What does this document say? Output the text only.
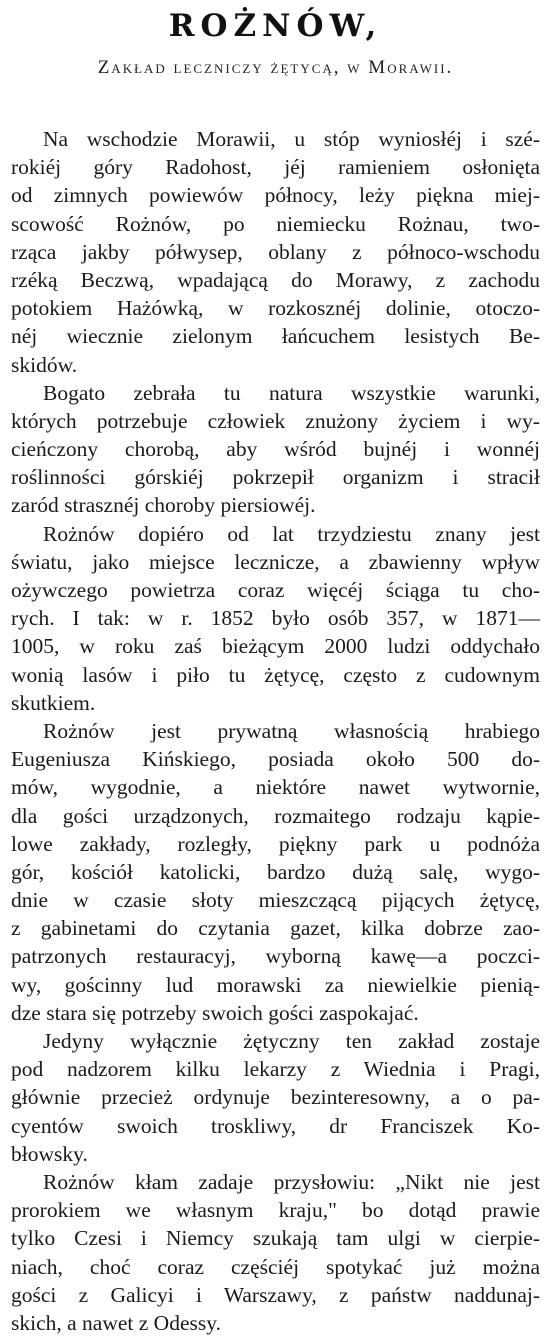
ROŻNÓW,
Zakład leczniczy żętycą, w Morawii.
Na wschodzie Morawii, u stóp wyniosłéj i szé-
rokiéj góry Radohost, jéj ramieniem osłonięta
od zimnych powiewów północy, leży piękna miej-
scowość Rożnów, po niemiecku Rożnau, two-
rząca jakby półwysep, oblany z północo-wschodu
rzéką Beczwą, wpadającą do Morawy, z zachodu
potokiem Hażówką, w rozkosznéj dolinie, otoczo-
néj wiecznie zielonym łańcuchem lesistych Be-
skidów.
Bogato zebrała tu natura wszystkie warunki,
których potrzebuje człowiek znużony życiem i wy-
cieńczony chorobą, aby wśród bujnéj i wonnéj
roślinności górskiéj pokrzepił organizm i stracił
zaród strasznéj choroby piersiowéj.
Rożnów dopiéro od lat trzydziestu znany jest
światu, jako miejsce lecznicze, a zbawienny wpływ
ożywczego powietrza coraz więcéj ściąga tu cho-
rych. I tak: w r. 1852 było osób 357, w 1871—
1005, w roku zaś bieżącym 2000 ludzi oddychało
wonią lasów i piło tu żętycę, często z cudownym
skutkiem.
Rożnów jest prywatną własnością hrabiego
Eugeniusza Kińskiego, posiada około 500 do-
mów, wygodnie, a niektóre nawet wytwornie,
dla gości urządzonych, rozmaitego rodzaju kąpie-
lowe zakłady, rozległy, piękny park u podnóża
gór, kościół katolicki, bardzo dużą salę, wygo-
dnie w czasie słoty mieszczącą pijących żętycę,
z gabinetami do czytania gazet, kilka dobrze zao-
patrzonych restauracyj, wyborną kawę—a poczci-
wy, gościnny lud morawski za niewielkie pienią-
dze stara się potrzeby swoich gości zaspokajać.
Jedyny wyłącznie żętyczny ten zakład zostaje
pod nadzorem kilku lekarzy z Wiednia i Pragi,
głównie przecież ordynuje bezinteresowny, a o pa-
cyentów swoich troskliwy, dr Franciszek Ko-
błowsky.
Rożnów kłam zadaje przysłowiu: „Nikt nie jest
prorokiem we własnym kraju," bo dotąd prawie
tylko Czesi i Niemcy szukają tam ulgi w cierpie-
niach, choć coraz częściéj spotykać już można
gości z Galicyi i Warszawy, z państw naddunaj-
skich, a nawet z Odessy.
